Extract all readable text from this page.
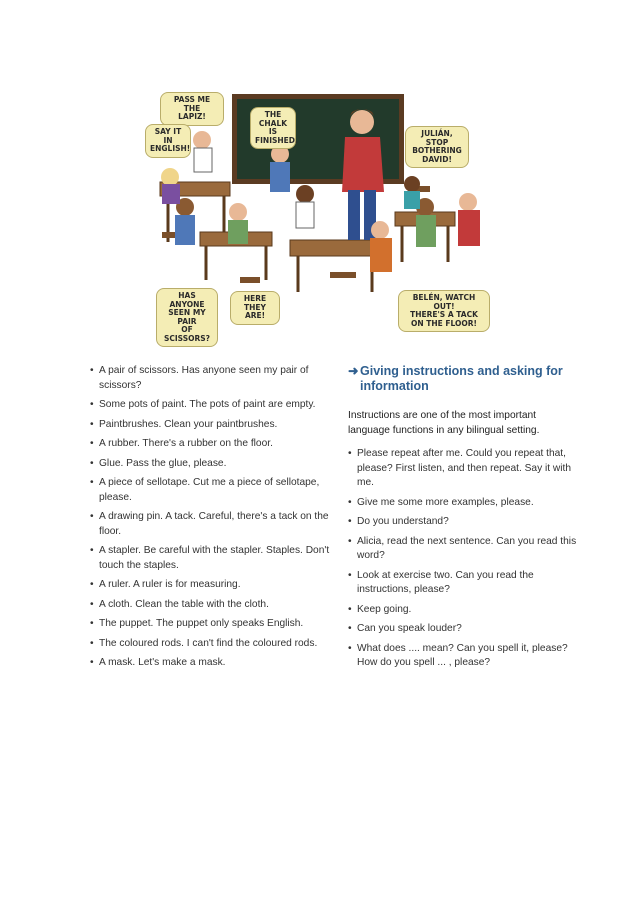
PASS ME THE
LAPIZ!
SAY IT IN
ENGLISH!
THE
CHALK IS
FINISHED.
JULIÁN, STOP
BOTHERING
DAVID!
HAS ANYONE
SEEN MY PAIR
OF
SCISSORS?
HERE THEY
ARE!
BELÉN, WATCH OUT!
THERE'S A TACK
ON THE FLOOR!
• A pair of scissors. Has anyone seen my pair of scissors?
• Some pots of paint. The pots of paint are empty.
• Paintbrushes. Clean your paintbrushes.
• A rubber. There's a rubber on the floor.
• Glue. Pass the glue, please.
• A piece of sellotape. Cut me a piece of sellotape, please.
• A drawing pin. A tack. Careful, there's a tack on the floor.
• A stapler. Be careful with the stapler. Staples. Don't touch the staples.
• A ruler. A ruler is for measuring.
• A cloth. Clean the table with the cloth.
• The puppet. The puppet only speaks English.
• The coloured rods. I can't find the coloured rods.
• A mask. Let's make a mask.
➜ Giving instructions and asking for information

Instructions are one of the most important language functions in any bilingual setting.

• Please repeat after me. Could you repeat that, please? First listen, and then repeat. Say it with me.
• Give me some more examples, please.
• Do you understand?
• Alicia, read the next sentence. Can you read this word?
• Look at exercise two. Can you read the instructions, please?
• Keep going.
• Can you speak louder?
• What does .... mean? Can you spell it, please? How do you spell ... , please?
